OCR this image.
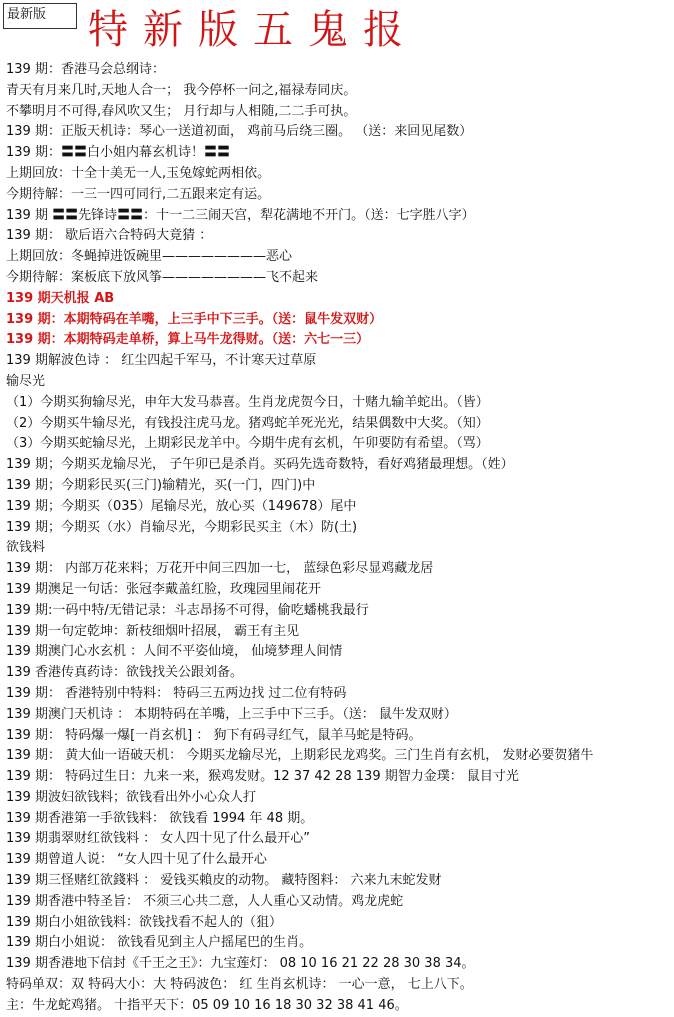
最新版	特新版五鬼报
139 期：香港马会总纲诗：
青天有月来几时,天地人合一； 我今停杯一问之,福禄寿同庆。
不攀明月不可得,春风吹又生； 月行却与人相随,二二手可执。
139 期：正版天机诗：琴心一送道初面， 鸡前马后绕三圈。 （送：来回见尾数）
139 期：〓〓白小姐内幕玄机诗！〓〓
上期回放：十全十美无一人,玉兔嫁蛇两相依。
今期待解：一三一四可同行,二五跟来定有运。
139 期 〓〓先锋诗〓〓：十一二三闹天宫，犁花满地不开门。（送：七字胜八字）
139 期： 歇后语六合特码大竟猜 ：
上期回放：冬蝇掉进饭碗里————————恶心
今期待解：案板底下放风筝————————飞不起来
139 期天机报 AB
139 期：本期特码在羊嘴，上三手中下三手。（送：鼠牛发双财）
139 期：本期特码走单桥，算上马牛龙得财。（送：六七一三）
139 期解波色诗 ： 红尘四起千军马，不计寒天过草原
输尽光
（1）今期买狗输尽光，申年大发马恭喜。生肖龙虎贺今日，十赌九输羊蛇出。（皆）
（2）今期买牛输尽光，有钱投注虎马龙。猪鸡蛇羊死光光，结果偶数中大奖。（知）
（3）今期买蛇输尽光，上期彩民龙羊中。今期牛虎有玄机，午卯要防有希望。（骂）
139 期；今期买龙输尽光， 子午卯已是杀肖。买码先选奇数特，看好鸡猪最理想。（姓）
139 期；今期彩民买(三门)输精光，买(一门，四门)中
139 期；今期买（035）尾输尽光，放心买（149678）尾中
139 期；今期买（水）肖输尽光，今期彩民买主（木）防(土)
欲钱料
139 期： 内部万花来料；万花开中间三四加一七， 蓝绿色彩尽显鸡藏龙居
139 期澳足一句话：张冠李戴盖红脸，玫瑰园里闹花开
139 期:一码中特/无错记录：斗志昂扬不可得，偷吃蟠桃我最行
139 期一句定乾坤：新枝细烟叶招展， 霸王有主见
139 期澳门心水玄机 ：人间不平姿仙境， 仙境梦理人间情
139 香港传真药诗：欲钱找关公跟刘备。
139 期： 香港特别中特料： 特码三五两边找 过二位有特码
139 期澳门天机诗 ： 本期特码在羊嘴，上三手中下三手。（送： 鼠牛发双财）
139 期： 特码爆一爆[一肖玄机] ： 狗下有码寻红气，鼠羊马蛇是特码。
139 期： 黄大仙一语破天机： 今期买龙输尽光，上期彩民龙鸡奖。三门生肖有玄机， 发财必要贺猪牛
139 期： 特码过生日：九来一来，猴鸡发财。12 37 42 28 139 期智力金璞： 鼠目寸光
139 期波妇欲钱料；欲钱看出外小心众人打
139 期香港第一手欲钱料： 欲钱看 1994 年 48 期。
139 期翡翠财红欲钱料 ： 女人四十见了什么最开心”
139 期曾道人说： “女人四十见了什么最开心
139 期三怪赌红欲錢料 ： 爱钱买賴皮的动物。 藏特图料： 六来九末蛇发财
139 期香港中特圣旨： 不须三心共二意，人人重心又动情。鸡龙虎蛇
139 期白小姐欲钱料：欲钱找看不起人的（狙）
139 期白小姐说： 欲钱看见到主人户摇尾巴的生肖。
139 期香港地下信封《千王之王》：九宝莲灯： 08 10 16 21 22 28 30 38 34。
特码单双：双 特码大小：大 特码波色： 红 生肖玄机诗： 一心一意， 七上八下。
主：牛龙蛇鸡猪。 十指平天下：05 09 10 16 18 30 32 38 41 46。
